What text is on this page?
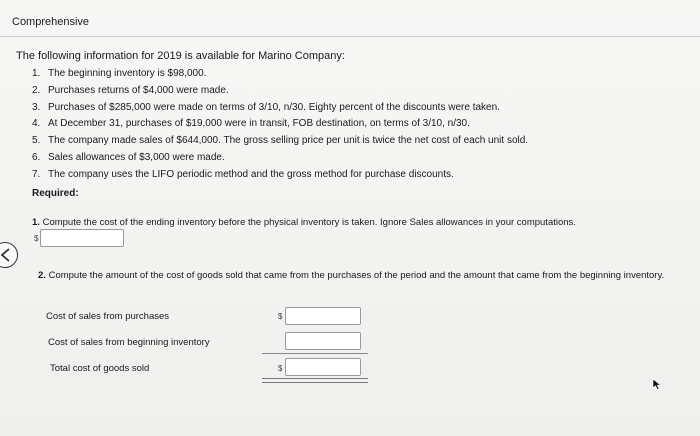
Comprehensive
The following information for 2019 is available for Marino Company:
1. The beginning inventory is $98,000.
2. Purchases returns of $4,000 were made.
3. Purchases of $285,000 were made on terms of 3/10, n/30. Eighty percent of the discounts were taken.
4. At December 31, purchases of $19,000 were in transit, FOB destination, on terms of 3/10, n/30.
5. The company made sales of $644,000. The gross selling price per unit is twice the net cost of each unit sold.
6. Sales allowances of $3,000 were made.
7. The company uses the LIFO periodic method and the gross method for purchase discounts.
Required:
1. Compute the cost of the ending inventory before the physical inventory is taken. Ignore Sales allowances in your computations.
$
2. Compute the amount of the cost of goods sold that came from the purchases of the period and the amount that came from the beginning inventory.
Cost of sales from purchases	$
Cost of sales from beginning inventory
Total cost of goods sold	$
